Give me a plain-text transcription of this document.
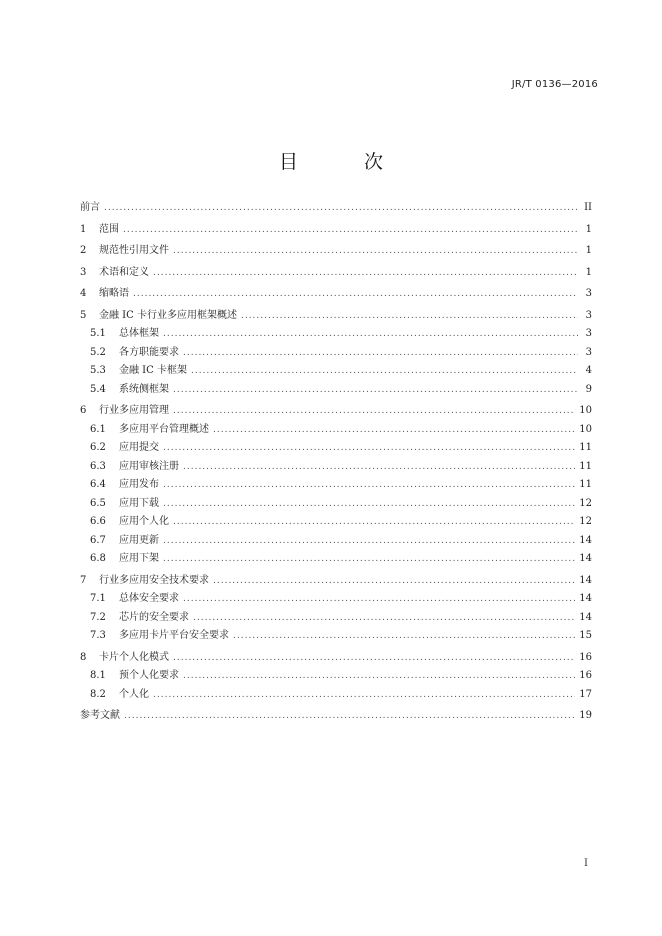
JR/T 0136—2016
目 次
前言 .....	II
1	范围 .....	1
2	规范性引用文件 .....	1
3	术语和定义 .....	1
4	缩略语 .....	3
5	金融 IC 卡行业多应用框架概述 .....	3
5.1	总体框架 .....	3
5.2	各方职能要求 .....	3
5.3	金融 IC 卡框架 .....	4
5.4	系统侧框架 .....	9
6	行业多应用管理 .....	10
6.1	多应用平台管理概述 .....	10
6.2	应用提交 .....	11
6.3	应用审核注册 .....	11
6.4	应用发布 .....	11
6.5	应用下载 .....	12
6.6	应用个人化 .....	12
6.7	应用更新 .....	14
6.8	应用下架 .....	14
7	行业多应用安全技术要求 .....	14
7.1	总体安全要求 .....	14
7.2	芯片的安全要求 .....	14
7.3	多应用卡片平台安全要求 .....	15
8	卡片个人化模式 .....	16
8.1	预个人化要求 .....	16
8.2	个人化 .....	17
参考文献 .....	19
I
